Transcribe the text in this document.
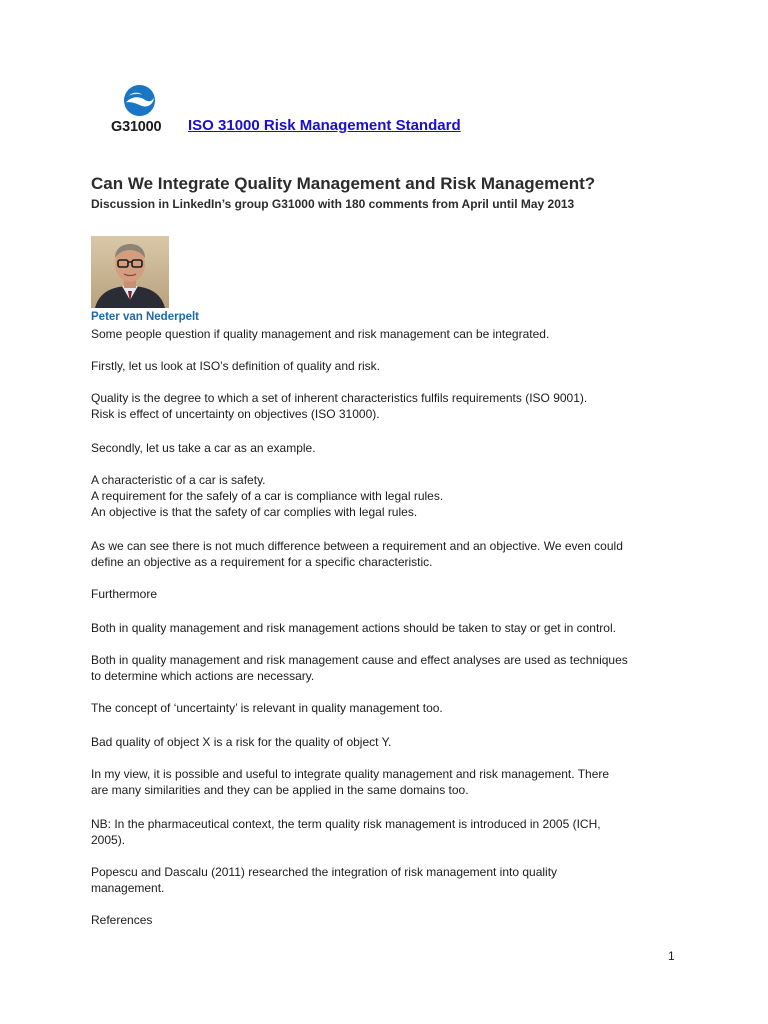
G31000	ISO 31000 Risk Management Standard
Can We Integrate Quality Management and Risk Management?
Discussion in LinkedIn’s group G31000 with 180 comments from April until May 2013
Peter van Nederpelt
Some people question if quality management and risk management can be integrated.
Firstly, let us look at ISO’s definition of quality and risk.
Quality is the degree to which a set of inherent characteristics fulfils requirements (ISO 9001).
Risk is effect of uncertainty on objectives (ISO 31000).
Secondly, let us take a car as an example.
A characteristic of a car is safety.
A requirement for the safely of a car is compliance with legal rules.
An objective is that the safety of car complies with legal rules.
As we can see there is not much difference between a requirement and an objective. We even could
define an objective as a requirement for a specific characteristic.
Furthermore
Both in quality management and risk management actions should be taken to stay or get in control.
Both in quality management and risk management cause and effect analyses are used as techniques
to determine which actions are necessary.
The concept of ‘uncertainty’ is relevant in quality management too.
Bad quality of object X is a risk for the quality of object Y.
In my view, it is possible and useful to integrate quality management and risk management. There
are many similarities and they can be applied in the same domains too.
NB: In the pharmaceutical context, the term quality risk management is introduced in 2005 (ICH,
2005).
Popescu and Dascalu (2011) researched the integration of risk management into quality
management.
References
1
